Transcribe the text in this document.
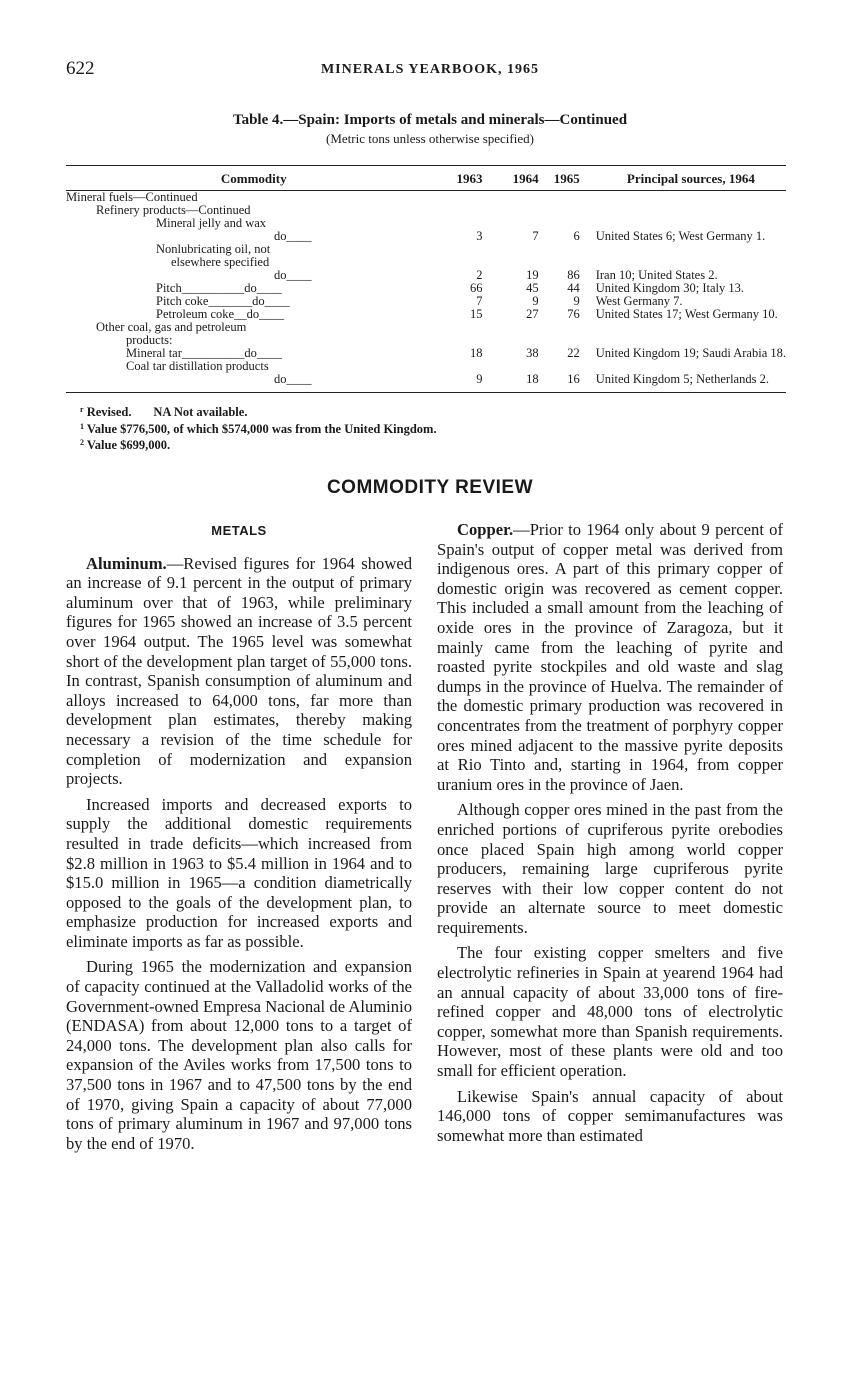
622	MINERALS YEARBOOK, 1965
Table 4.—Spain: Imports of metals and minerals—Continued
(Metric tons unless otherwise specified)
Commodity	1963	1964	1965	Principal sources, 1964
Mineral fuels—Continued				
Refinery products—Continued				
Mineral jelly and wax				
do____	3	7	6	United States 6; West Germany 1.
Nonlubricating oil, not				
elsewhere specified				
do____	2	19	86	Iran 10; United States 2.
Pitch__________do____	66	45	44	United Kingdom 30; Italy 13.
Pitch coke_______do____	7	9	9	West Germany 7.
Petroleum coke__do____	15	27	76	United States 17; West Germany 10.
Other coal, gas and petroleum				
products:				
Mineral tar__________do____	18	38	22	United Kingdom 19; Saudi Arabia 18.
Coal tar distillation products				
do____	9	18	16	United Kingdom 5; Netherlands 2.
$^r$ Revised.       NA Not available.
$^1$ Value $776,500, of which $574,000 was from the United Kingdom.
$^2$ Value $699,000.
COMMODITY REVIEW
METALS

Aluminum.—Revised figures for 1964 showed an increase of 9.1 percent in the output of primary aluminum over that of 1963, while preliminary figures for 1965 showed an increase of 3.5 percent over 1964 output. The 1965 level was somewhat short of the development plan target of 55,000 tons. In contrast, Spanish consumption of aluminum and alloys increased to 64,000 tons, far more than development plan estimates, thereby making necessary a revision of the time schedule for completion of modernization and expansion projects.

Increased imports and decreased exports to supply the additional domestic requirements resulted in trade deficits—which increased from $2.8 million in 1963 to $5.4 million in 1964 and to $15.0 million in 1965—a condition diametrically opposed to the goals of the development plan, to emphasize production for increased exports and eliminate imports as far as possible.

During 1965 the modernization and expansion of capacity continued at the Valladolid works of the Government-owned Empresa Nacional de Aluminio (ENDASA) from about 12,000 tons to a target of 24,000 tons. The development plan also calls for expansion of the Aviles works from 17,500 tons to 37,500 tons in 1967 and to 47,500 tons by the end of 1970, giving Spain a capacity of about 77,000 tons of primary aluminum in 1967 and 97,000 tons by the end of 1970.

Copper.—Prior to 1964 only about 9 percent of Spain's output of copper metal was derived from indigenous ores. A part of this primary copper of domestic origin was recovered as cement copper. This included a small amount from the leaching of oxide ores in the province of Zaragoza, but it mainly came from the leaching of pyrite and roasted pyrite stockpiles and old waste and slag dumps in the province of Huelva. The remainder of the domestic primary production was recovered in concentrates from the treatment of porphyry copper ores mined adjacent to the massive pyrite deposits at Rio Tinto and, starting in 1964, from copper uranium ores in the province of Jaen.

Although copper ores mined in the past from the enriched portions of cupriferous pyrite orebodies once placed Spain high among world copper producers, remaining large cupriferous pyrite reserves with their low copper content do not provide an alternate source to meet domestic requirements.

The four existing copper smelters and five electrolytic refineries in Spain at yearend 1964 had an annual capacity of about 33,000 tons of fire-refined copper and 48,000 tons of electrolytic copper, somewhat more than Spanish requirements. However, most of these plants were old and too small for efficient operation.

Likewise Spain's annual capacity of about 146,000 tons of copper semimanufactures was somewhat more than estimated
